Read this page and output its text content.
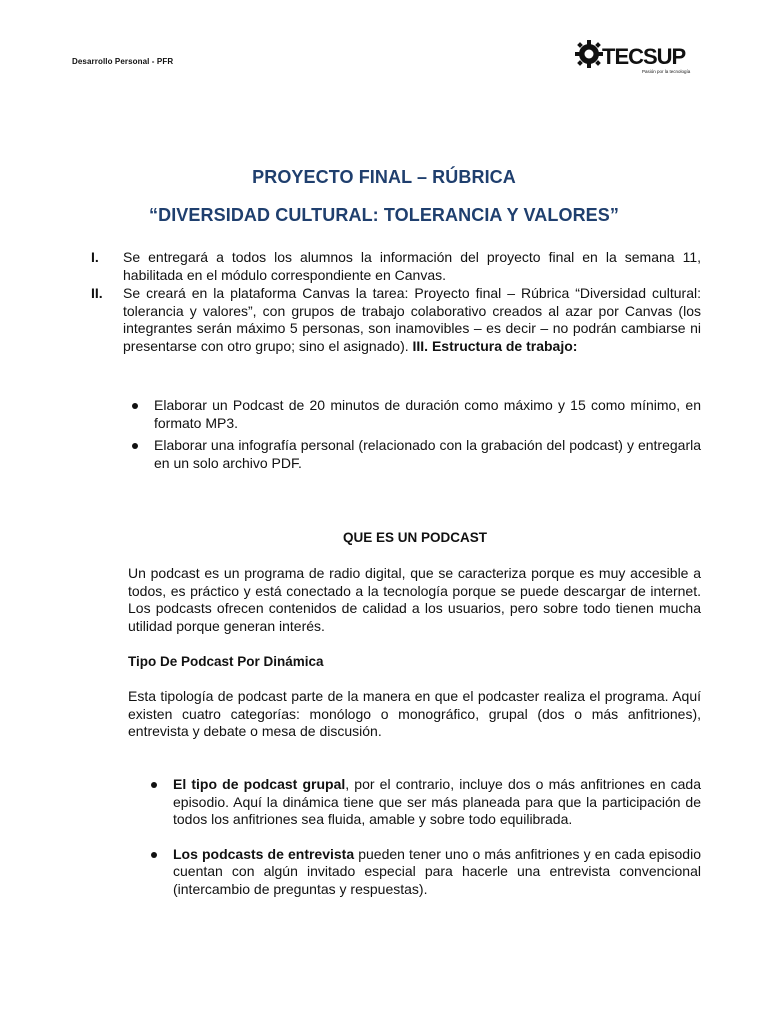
Desarrollo Personal - PFR	TECSUP
Pasión por la tecnología
PROYECTO FINAL – RÚBRICA
“DIVERSIDAD CULTURAL: TOLERANCIA Y VALORES”
I. Se entregará a todos los alumnos la información del proyecto final en la semana 11, habilitada en el módulo correspondiente en Canvas.
II. Se creará en la plataforma Canvas la tarea: Proyecto final – Rúbrica “Diversidad cultural: tolerancia y valores”, con grupos de trabajo colaborativo creados al azar por Canvas (los integrantes serán máximo 5 personas, son inamovibles – es decir – no podrán cambiarse ni presentarse con otro grupo; sino el asignado). III. Estructura de trabajo:
Elaborar un Podcast de 20 minutos de duración como máximo y 15 como mínimo, en formato MP3.
Elaborar una infografía personal (relacionado con la grabación del podcast) y entregarla en un solo archivo PDF.
QUE ES UN PODCAST
Un podcast es un programa de radio digital, que se caracteriza porque es muy accesible a todos, es práctico y está conectado a la tecnología porque se puede descargar de internet. Los podcasts ofrecen contenidos de calidad a los usuarios, pero sobre todo tienen mucha utilidad porque generan interés.
Tipo De Podcast Por Dinámica
Esta tipología de podcast parte de la manera en que el podcaster realiza el programa. Aquí existen cuatro categorías: monólogo o monográfico, grupal (dos o más anfitriones), entrevista y debate o mesa de discusión.
El tipo de podcast grupal, por el contrario, incluye dos o más anfitriones en cada episodio. Aquí la dinámica tiene que ser más planeada para que la participación de todos los anfitriones sea fluida, amable y sobre todo equilibrada.
Los podcasts de entrevista pueden tener uno o más anfitriones y en cada episodio cuentan con algún invitado especial para hacerle una entrevista convencional (intercambio de preguntas y respuestas).
